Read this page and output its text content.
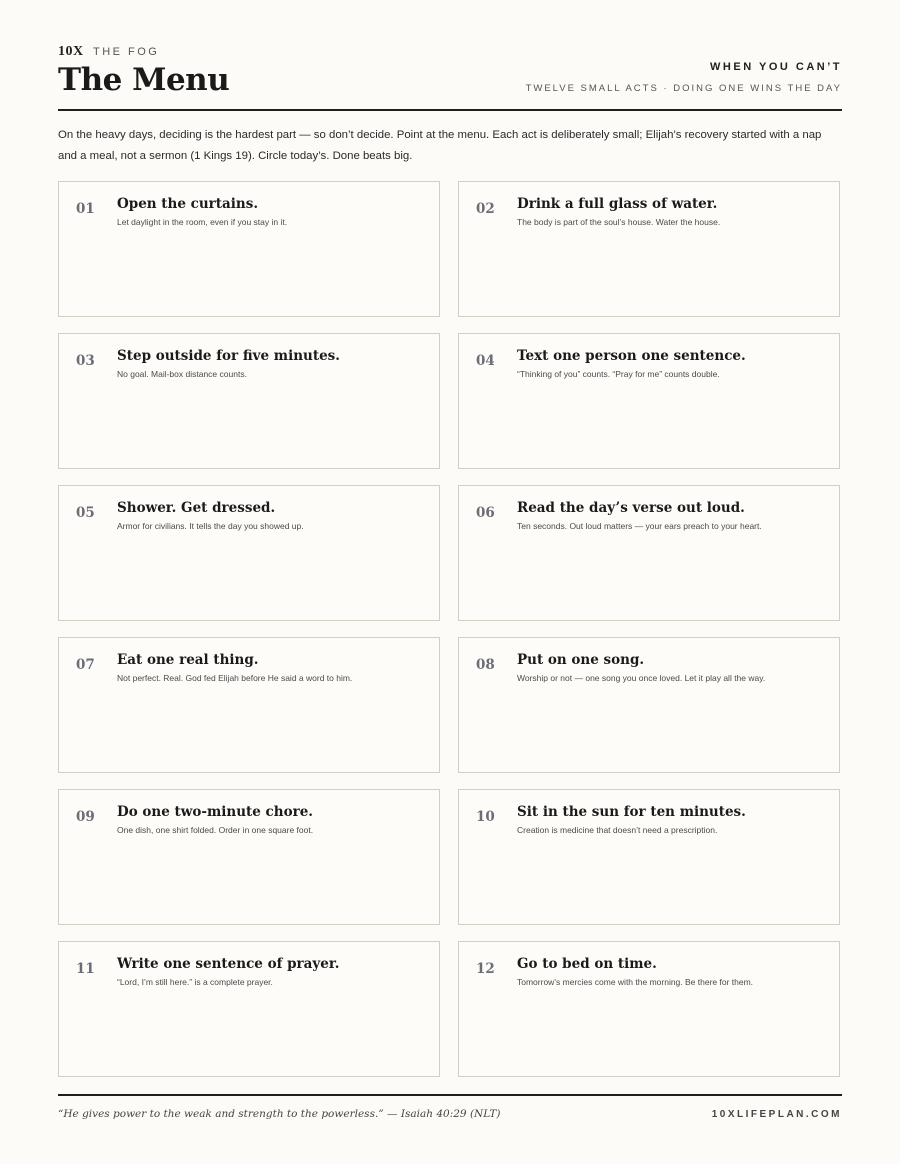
10X THE FOG
The Menu	WHEN YOU CAN’T
TWELVE SMALL ACTS · DOING ONE WINS THE DAY

On the heavy days, deciding is the hardest part — so don’t decide. Point at the menu. Each act is deliberately small; Elijah’s recovery started with a nap and a meal, not a sermon (1 Kings 19). Circle today’s. Done beats big.

01 Open the curtains.
Let daylight in the room, even if you stay in it.
02 Drink a full glass of water.
The body is part of the soul’s house. Water the house.
03 Step outside for five minutes.
No goal. Mail-box distance counts.
04 Text one person one sentence.
“Thinking of you” counts. “Pray for me” counts double.
05 Shower. Get dressed.
Armor for civilians. It tells the day you showed up.
06 Read the day’s verse out loud.
Ten seconds. Out loud matters — your ears preach to your heart.
07 Eat one real thing.
Not perfect. Real. God fed Elijah before He said a word to him.
08 Put on one song.
Worship or not — one song you once loved. Let it play all the way.
09 Do one two-minute chore.
One dish, one shirt folded. Order in one square foot.
10 Sit in the sun for ten minutes.
Creation is medicine that doesn’t need a prescription.
11 Write one sentence of prayer.
“Lord, I’m still here.” is a complete prayer.
12 Go to bed on time.
Tomorrow’s mercies come with the morning. Be there for them.
“He gives power to the weak and strength to the powerless.” — Isaiah 40:29 (NLT)	10XLIFEPLAN.COM
